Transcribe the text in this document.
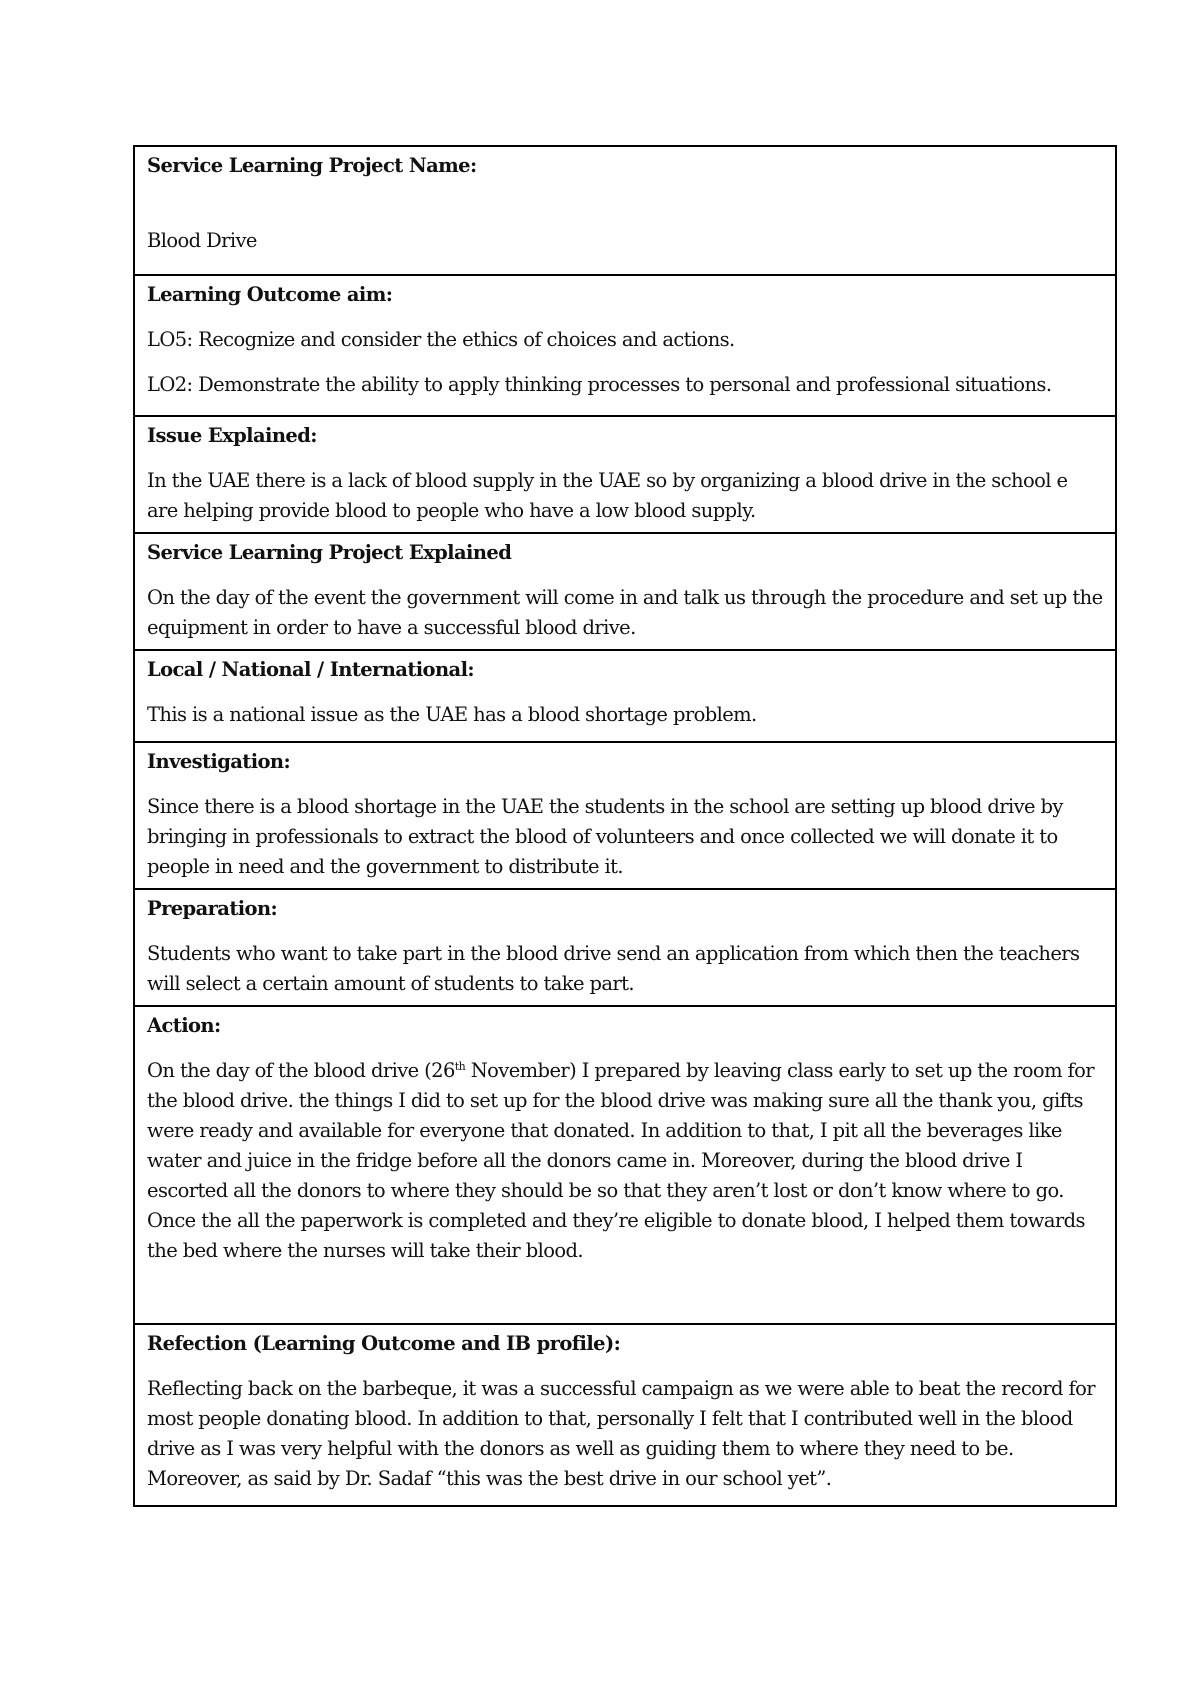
Service Learning Project Name:
Blood Drive

Learning Outcome aim:
LO5: Recognize and consider the ethics of choices and actions.
LO2: Demonstrate the ability to apply thinking processes to personal and professional situations.

Issue Explained:
In the UAE there is a lack of blood supply in the UAE so by organizing a blood drive in the school e are helping provide blood to people who have a low blood supply.

Service Learning Project Explained
On the day of the event the government will come in and talk us through the procedure and set up the equipment in order to have a successful blood drive.

Local / National / International:
This is a national issue as the UAE has a blood shortage problem.

Investigation:
Since there is a blood shortage in the UAE the students in the school are setting up blood drive by bringing in professionals to extract the blood of volunteers and once collected we will donate it to people in need and the government to distribute it.

Preparation:
Students who want to take part in the blood drive send an application from which then the teachers will select a certain amount of students to take part.

Action:
On the day of the blood drive (26th November) I prepared by leaving class early to set up the room for the blood drive. the things I did to set up for the blood drive was making sure all the thank you, gifts were ready and available for everyone that donated. In addition to that, I pit all the beverages like water and juice in the fridge before all the donors came in. Moreover, during the blood drive I escorted all the donors to where they should be so that they aren’t lost or don’t know where to go. Once the all the paperwork is completed and they’re eligible to donate blood, I helped them towards the bed where the nurses will take their blood.

Refection (Learning Outcome and IB profile):
Reflecting back on the barbeque, it was a successful campaign as we were able to beat the record for most people donating blood. In addition to that, personally I felt that I contributed well in the blood drive as I was very helpful with the donors as well as guiding them to where they need to be. Moreover, as said by Dr. Sadaf “this was the best drive in our school yet”.
